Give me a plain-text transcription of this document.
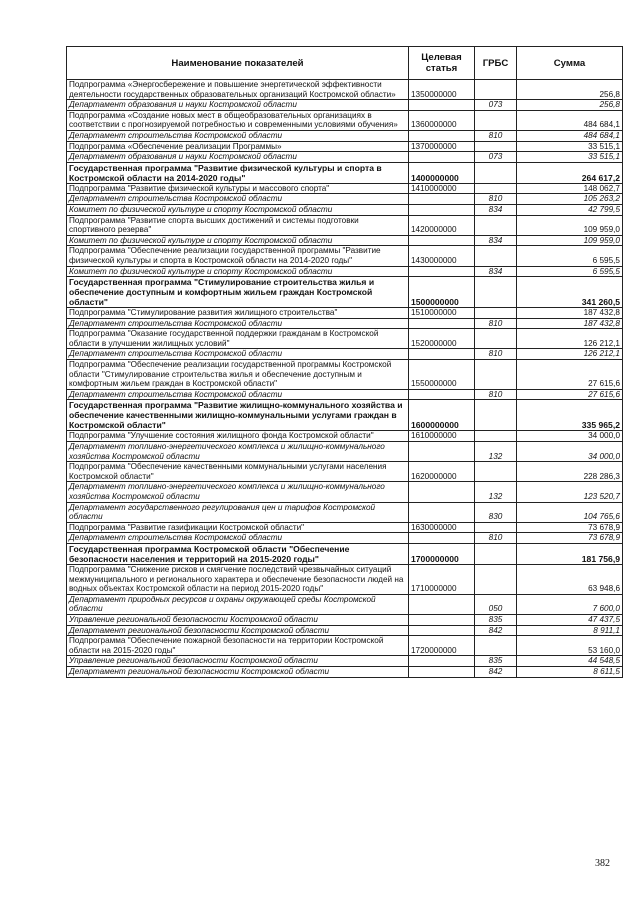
Наименование показателей	Целевая статья	ГРБС	Сумма
Подпрограмма «Энергосбережение и повышение энергетической эффективности деятельности государственных образовательных организаций Костромской области»	1350000000		256,8
Департамент образования и науки Костромской области		073	256,8
Подпрограмма «Создание новых мест в общеобразовательных организациях в соответствии с прогнозируемой потребностью и современными условиями обучения»	1360000000		484 684,1
Департамент строительства Костромской области		810	484 684,1
Подпрограмма «Обеспечение реализации Программы»	1370000000		33 515,1
Департамент образования и науки Костромской области		073	33 515,1
Государственная программа "Развитие физической культуры и спорта в Костромской области на 2014-2020 годы"	1400000000		264 617,2
Подпрограмма "Развитие физической культуры и массового спорта"	1410000000		148 062,7
Департамент строительства Костромской области		810	105 263,2
Комитет по физической культуре и спорту Костромской области		834	42 799,5
Подпрограмма "Развитие спорта высших достижений и системы подготовки спортивного резерва"	1420000000		109 959,0
Комитет по физической культуре и спорту Костромской области		834	109 959,0
Подпрограмма "Обеспечение реализации государственной программы "Развитие физической культуры и спорта в Костромской области на 2014-2020 годы"	1430000000		6 595,5
Комитет по физической культуре и спорту Костромской области		834	6 595,5
Государственная программа "Стимулирование строительства жилья и обеспечение доступным и комфортным жильем граждан Костромской области"	1500000000		341 260,5
Подпрограмма "Стимулирование развития жилищного строительства"	1510000000		187 432,8
Департамент строительства Костромской области		810	187 432,8
Подпрограмма "Оказание государственной поддержки гражданам в Костромской области в улучшении жилищных условий"	1520000000		126 212,1
Департамент строительства Костромской области		810	126 212,1
Подпрограмма "Обеспечение реализации государственной программы Костромской области "Стимулирование строительства жилья и обеспечение доступным и комфортным жильем граждан в Костромской области"	1550000000		27 615,6
Департамент строительства Костромской области		810	27 615,6
Государственная программа "Развитие жилищно-коммунального хозяйства и обеспечение качественными жилищно-коммунальными услугами граждан в Костромской области"	1600000000		335 965,2
Подпрограмма "Улучшение состояния жилищного фонда Костромской области"	1610000000		34 000,0
Департамент топливно-энергетического комплекса и жилищно-коммунального хозяйства Костромской области		132	34 000,0
Подпрограмма "Обеспечение качественными коммунальными услугами населения Костромской области"	1620000000		228 286,3
Департамент топливно-энергетического комплекса и жилищно-коммунального хозяйства Костромской области		132	123 520,7
Департамент государственного регулирования цен и тарифов Костромской области		830	104 765,6
Подпрограмма "Развитие газификации Костромской области"	1630000000		73 678,9
Департамент строительства Костромской области		810	73 678,9
Государственная программа Костромской области "Обеспечение безопасности населения и территорий на 2015-2020 годы"	1700000000		181 756,9
Подпрограмма "Снижение рисков и смягчение последствий чрезвычайных ситуаций межмуниципального и регионального характера и обеспечение безопасности людей на водных объектах Костромской области на период 2015-2020 годы"	1710000000		63 948,6
Департамент природных ресурсов и охраны окружающей среды Костромской области		050	7 600,0
Управление региональной безопасности Костромской области		835	47 437,5
Департамент региональной безопасности Костромской области		842	8 911,1
Подпрограмма "Обеспечение пожарной безопасности на территории Костромской области на 2015-2020 годы"	1720000000		53 160,0
Управление региональной безопасности Костромской области		835	44 548,5
Департамент региональной безопасности Костромской области		842	8 611,5
382
